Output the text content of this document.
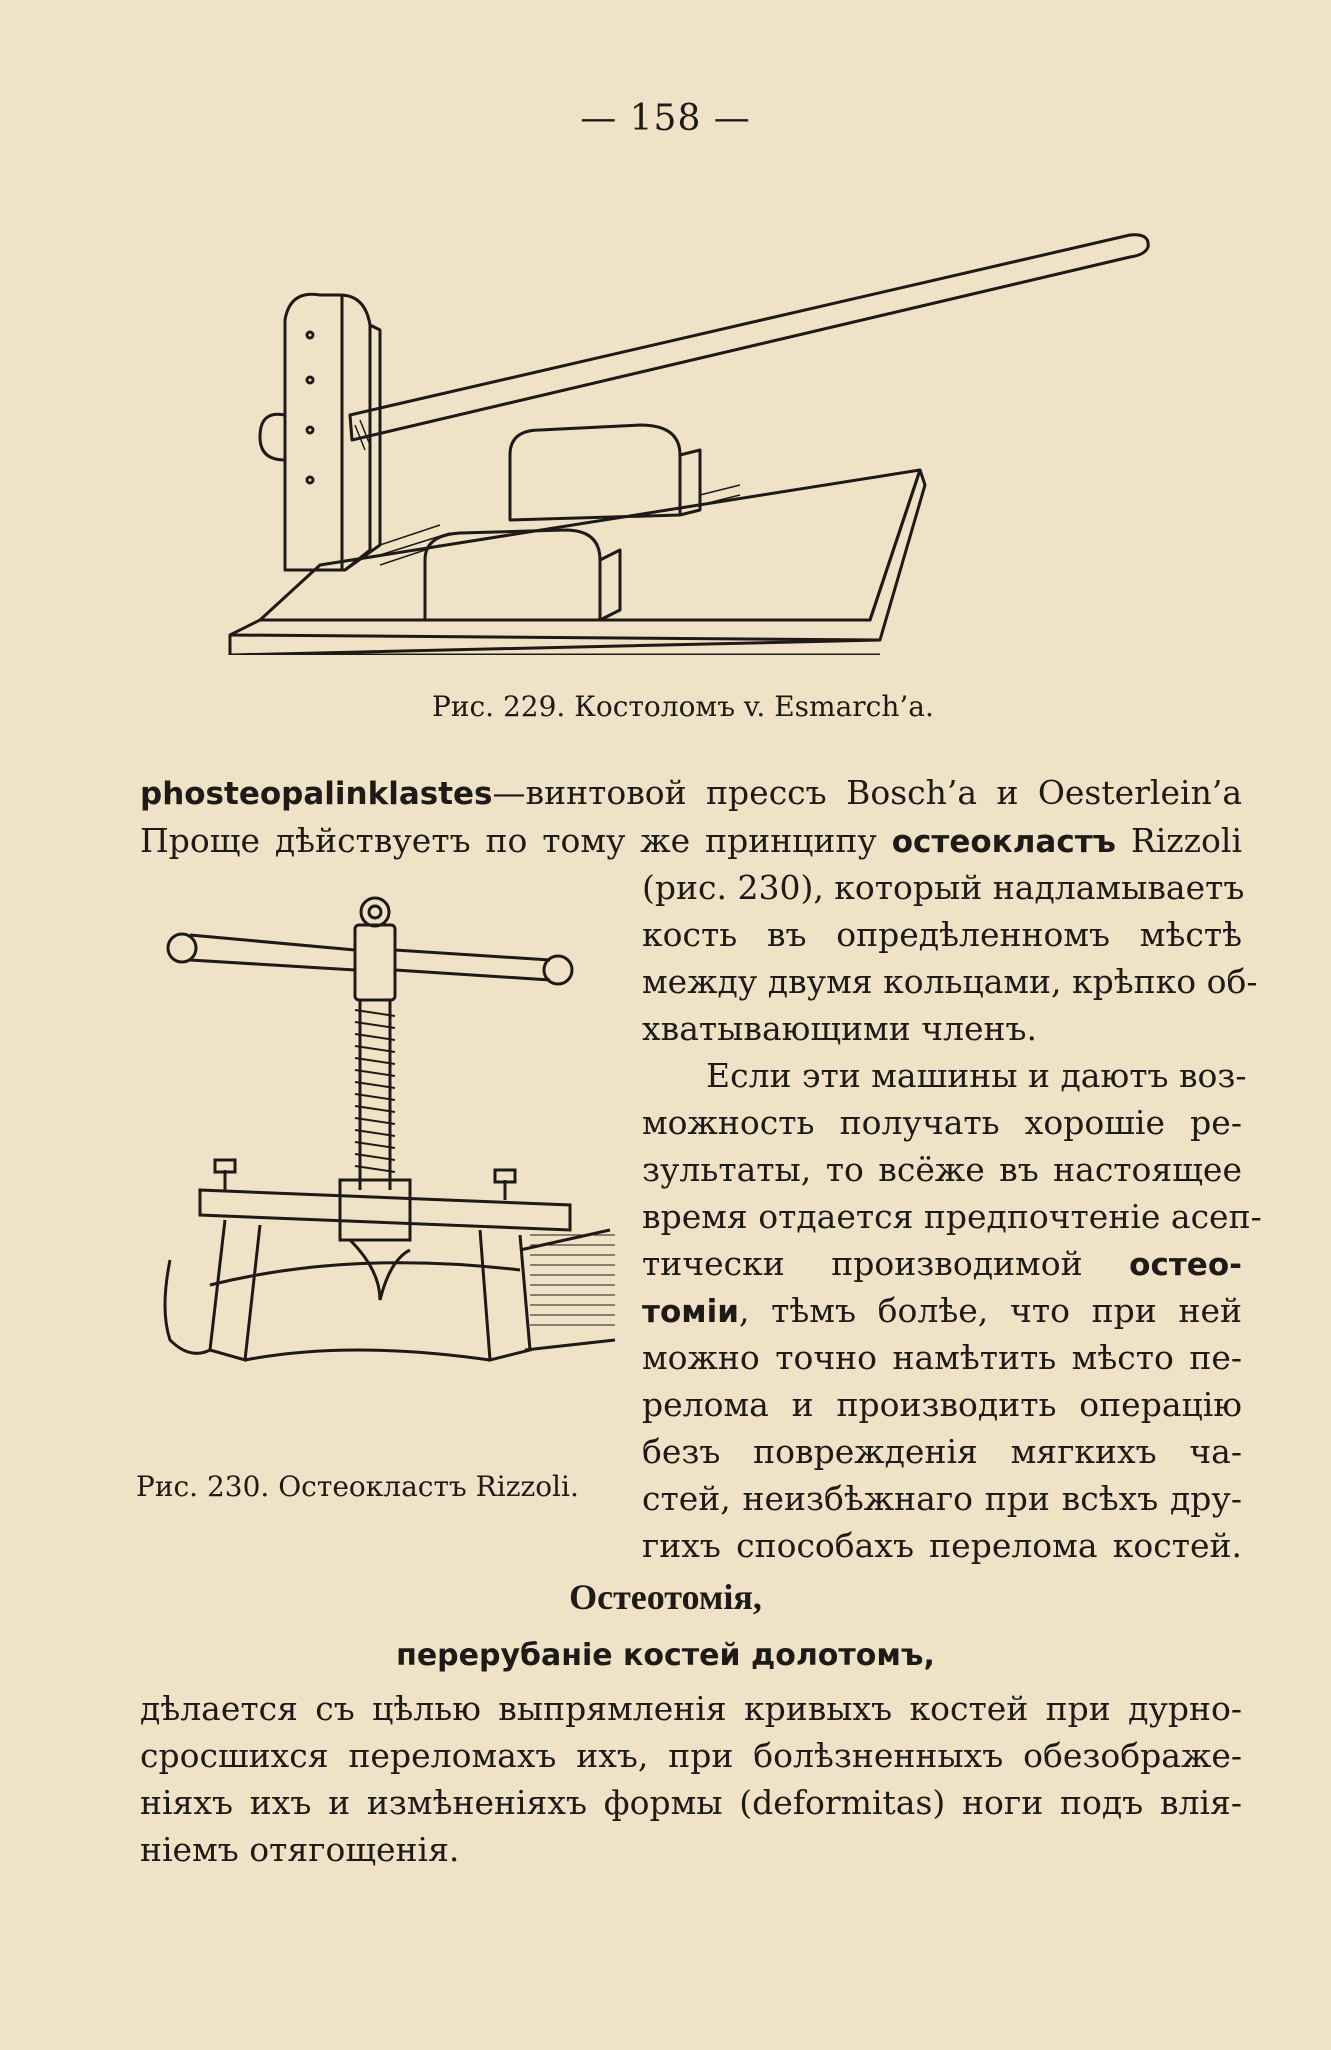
— 158 —
Рис. 229. Костоломъ v. Esmarch’a.
phosteopalinklastes—винтовой прессъ Bosch’a и Oesterlein’a
Проще дѣйствуетъ по тому же принципу остеокластъ Rizzoli
(рис. 230), который надламываетъ
кость въ опредѣленномъ мѣстѣ
между двумя кольцами, крѣпко об-
хватывающими членъ.
Если эти машины и даютъ воз-
можность получать хорошіе ре-
зультаты, то всёже въ настоящее
время отдается предпочтеніе асеп-
тически производимой остео-
томіи, тѣмъ болѣе, что при ней
можно точно намѣтить мѣсто пе-
релома и производить операцію
безъ поврежденія мягкихъ ча-
стей, неизбѣжнаго при всѣхъ дру-
гихъ способахъ перелома костей.
Рис. 230. Остеокластъ Rizzoli.
Остеотомія,
перерубаніе костей долотомъ,
дѣлается съ цѣлью выпрямленія кривыхъ костей при дурно-
сросшихся переломахъ ихъ, при болѣзненныхъ обезображе-
ніяхъ ихъ и измѣненіяхъ формы (deformitas) ноги подъ влія-
ніемъ отягощенія.
